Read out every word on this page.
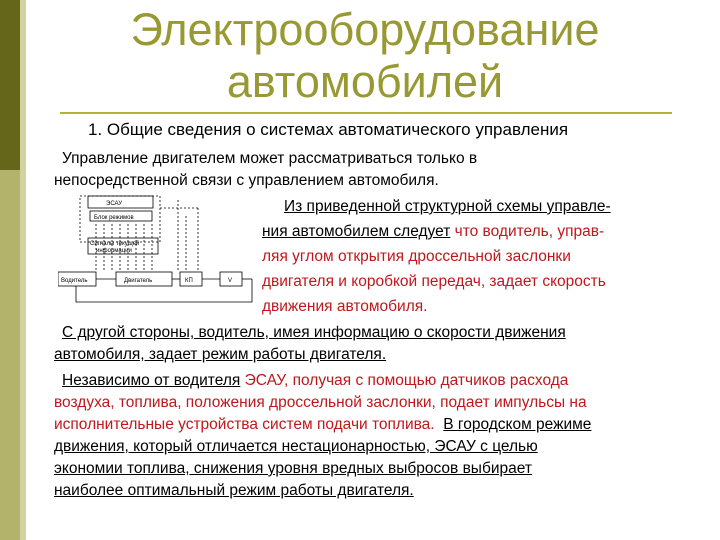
Электрооборудование
автомобилей
1. Общие сведения о системах автоматического управления
Управление двигателем может рассматриваться только в
непосредственной связи с управлением автомобиля.
ЭСАУ
Блок режимов
Сигналы текущей
информации
Водитель	Двигатель	КП	V
Из приведенной структурной схемы управле-
ния автомобилем следует что водитель, управ-
ляя углом открытия дроссельной заслонки
двигателя и коробкой передач, задает скорость
движения автомобиля.
С другой стороны, водитель, имея информацию о скорости движения
автомобиля, задает режим работы двигателя.
Независимо от водителя ЭСАУ, получая с помощью датчиков расхода
воздуха, топлива, положения дроссельной заслонки, подает импульсы на
исполнительные устройства систем подачи топлива. В городском режиме
движения, который отличается нестационарностью, ЭСАУ с целью
экономии топлива, снижения уровня вредных выбросов выбирает
наиболее оптимальный режим работы двигателя.
